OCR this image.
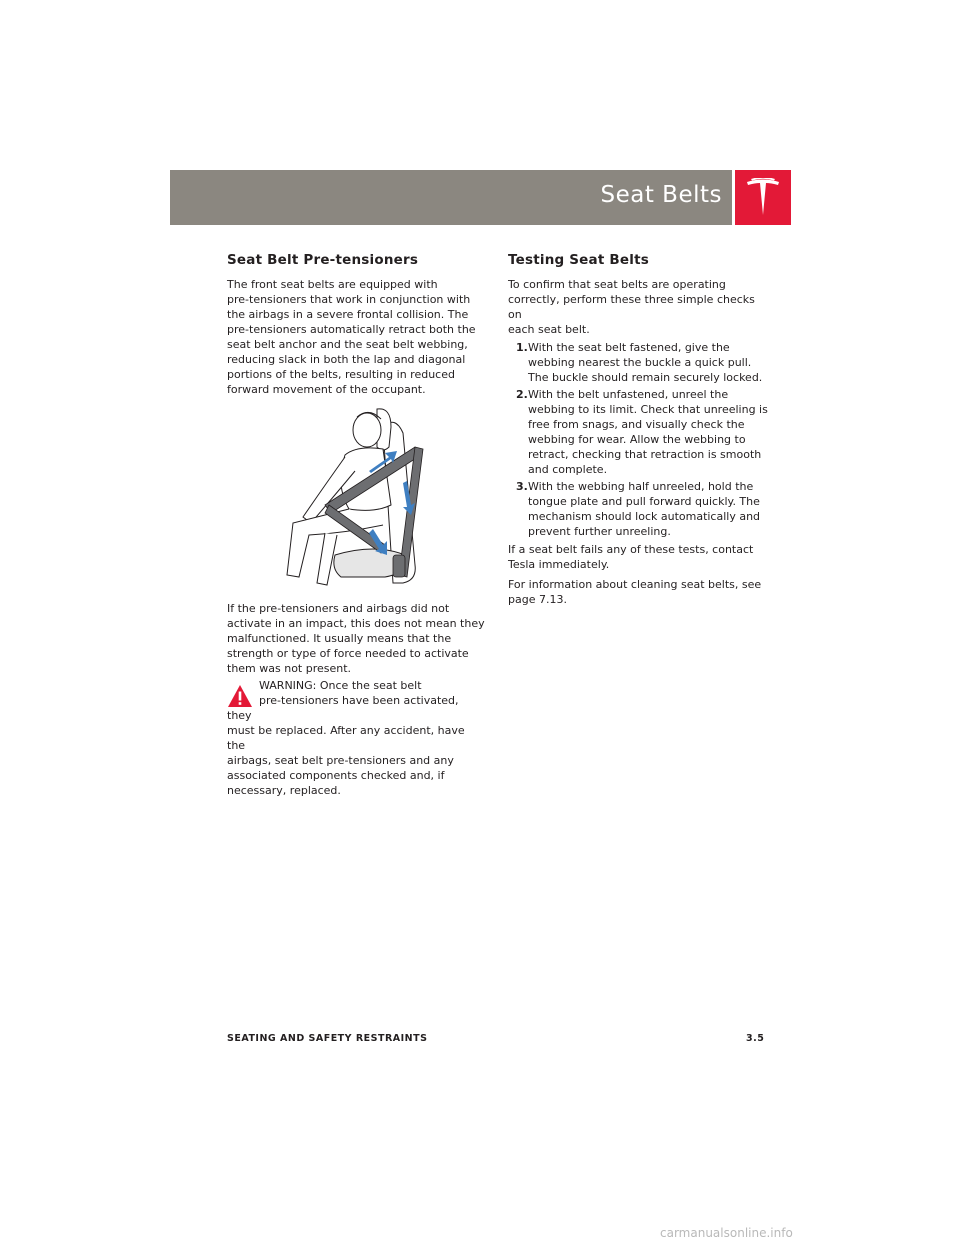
Seat Belts
Seat Belt Pre-tensioners

The front seat belts are equipped with
pre-tensioners that work in conjunction with
the airbags in a severe frontal collision. The
pre-tensioners automatically retract both the
seat belt anchor and the seat belt webbing,
reducing slack in both the lap and diagonal
portions of the belts, resulting in reduced
forward movement of the occupant.

If the pre-tensioners and airbags did not
activate in an impact, this does not mean they
malfunctioned. It usually means that the
strength or type of force needed to activate
them was not present.

WARNING: Once the seat belt
pre-tensioners have been activated, they
must be replaced. After any accident, have the
airbags, seat belt pre-tensioners and any
associated components checked and, if
necessary, replaced.

Testing Seat Belts

To confirm that seat belts are operating
correctly, perform these three simple checks on
each seat belt.

1. With the seat belt fastened, give the
webbing nearest the buckle a quick pull.
The buckle should remain securely locked.
2. With the belt unfastened, unreel the
webbing to its limit. Check that unreeling is
free from snags, and visually check the
webbing for wear. Allow the webbing to
retract, checking that retraction is smooth
and complete.
3. With the webbing half unreeled, hold the
tongue plate and pull forward quickly. The
mechanism should lock automatically and
prevent further unreeling.

If a seat belt fails any of these tests, contact
Tesla immediately.

For information about cleaning seat belts, see
page 7.13.

SEATING AND SAFETY RESTRAINTS	3.5
carmanualsonline.info
